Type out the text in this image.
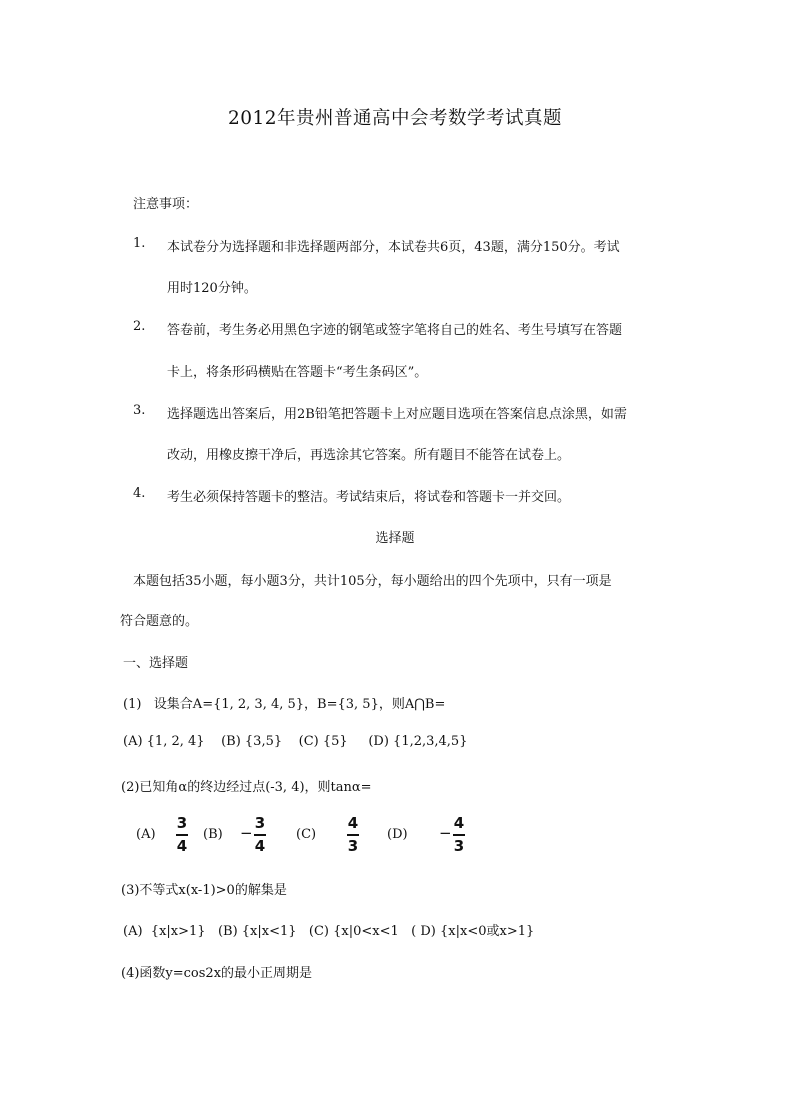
2012年贵州普通高中会考数学考试真题
注意事项：
1.	本试卷分为选择题和非选择题两部分，本试卷共6页，43题，满分150分。考试
用时120分钟。
2.	答卷前，考生务必用黑色字迹的钢笔或签字笔将自己的姓名、考生号填写在答题
卡上，将条形码横贴在答题卡“考生条码区”。
3.	选择题选出答案后，用2B铅笔把答题卡上对应题目选项在答案信息点涂黑，如需
改动，用橡皮擦干净后，再选涂其它答案。所有题目不能答在试卷上。
4.	考生必须保持答题卡的整洁。考试结束后，将试卷和答题卡一并交回。
选择题
本题包括35小题，每小题3分，共计105分，每小题给出的四个先项中，只有一项是
符合题意的。
一、选择题
(1)   设集合A={1, 2, 3, 4, 5}，B={3, 5}，则A⋂B=
(A) {1, 2, 4}    (B) {3,5}    (C) {5}     (D) {1,2,3,4,5}
(2)已知角α的终边经过点(-3, 4)，则tanα=
(A)
3
4
(B) −
3
4
(C)
4
3
(D) −
4
3
(3)不等式x(x-1)>0的解集是
(A)  {x|x>1}   (B) {x|x<1}   (C) {x|0<x<1   ( D) {x|x<0或x>1}
(4)函数y=cos2x的最小正周期是
